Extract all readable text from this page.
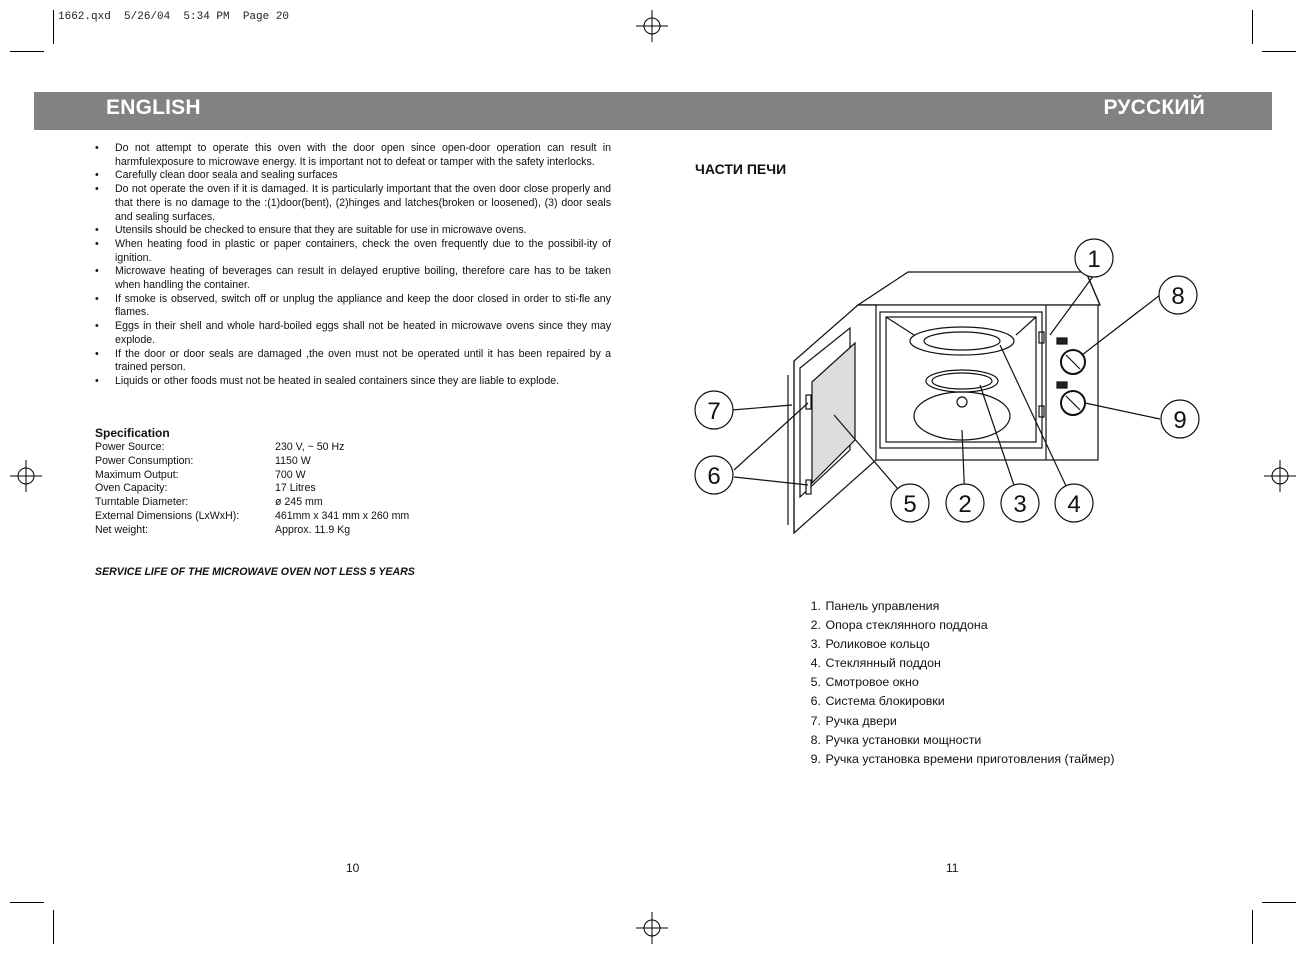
1662.qxd  5/26/04  5:34 PM  Page 20
ENGLISH	РУССКИЙ
• Do not attempt to operate this oven with the door open since open-door operation can result in harmfulexposure to microwave energy. It is important not to defeat or tamper with the safety interlocks.
• Carefully clean door seala and sealing surfaces
• Do not operate the oven if it is damaged. It is particularly important that the oven door close properly and that there is no damage to the :(1)door(bent), (2)hinges and latches(broken or loosened), (3) door seals and sealing surfaces.
• Utensils should be checked to ensure that they are suitable for use in microwave ovens.
• When heating food in plastic or paper containers, check the oven frequently due to the possibil-ity of ignition.
• Microwave heating of beverages can result in delayed eruptive boiling, therefore care has to be taken when handling the container.
• If smoke is observed, switch off or unplug the appliance and keep the door closed in order to sti-fle any flames.
• Eggs in their shell and whole hard-boiled eggs shall not be heated in microwave ovens since they may explode.
• If the door or door seals are damaged ,the oven must not be operated until it has been repaired by a trained person.
• Liquids or other foods must not be heated in sealed containers since they are liable to explode.
Specification
Power Source:	230 V, ~ 50 Hz
Power Consumption:	1150 W
Maximum Output:	700 W
Oven Capacity:	17 Litres
Turntable Diameter:	ø 245 mm
External Dimensions (LxWxH):	461mm x 341 mm x 260 mm
Net weight:	Approx. 11.9 Kg
SERVICE LIFE OF THE MICROWAVE OVEN NOT LESS 5 YEARS
10
ЧАСТИ ПЕЧИ
1
8
7	9
6
5 2 3 4
1. Панель управления
2. Опора стеклянного поддона
3. Роликовое кольцо
4. Стеклянный поддон
5. Смотровое окно
6. Система блокировки
7. Ручка двери
8. Ручка установки мощности
9. Ручка установка времени приготовления (таймер)
11
